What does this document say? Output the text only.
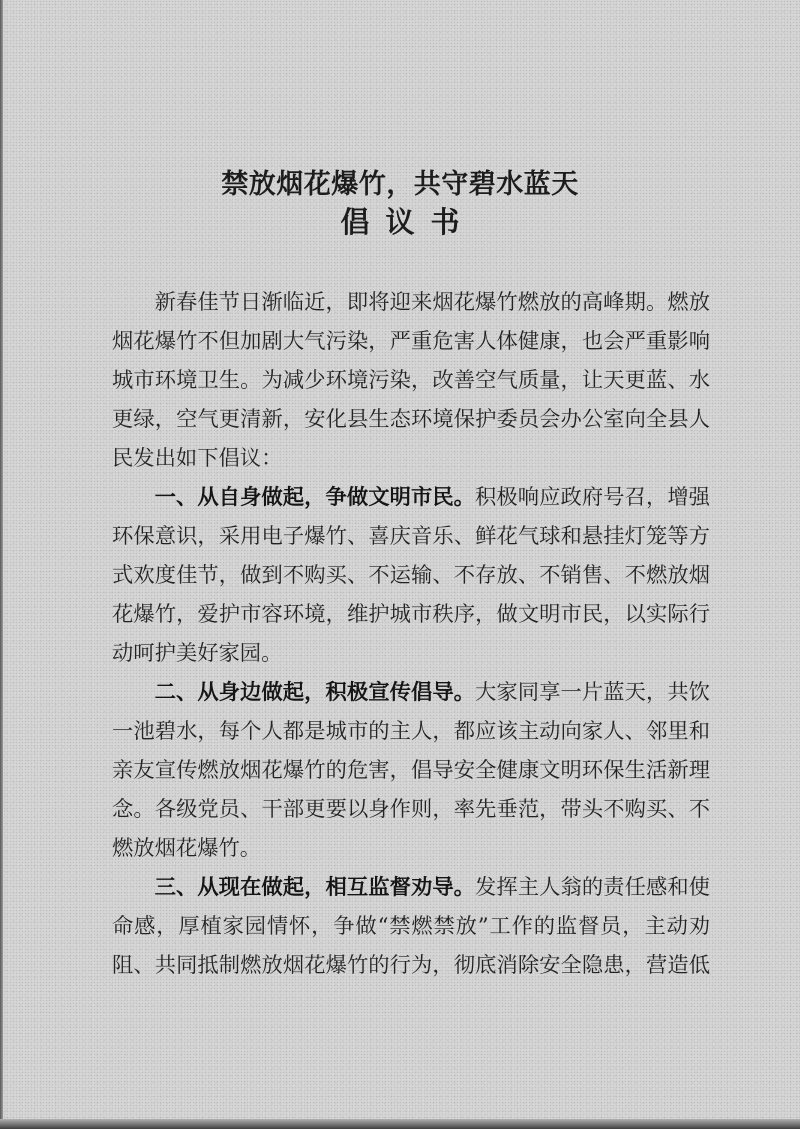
禁放烟花爆竹，共守碧水蓝天
倡议书
新春佳节日渐临近，即将迎来烟花爆竹燃放的高峰期。燃放
烟花爆竹不但加剧大气污染，严重危害人体健康，也会严重影响
城市环境卫生。为减少环境污染，改善空气质量，让天更蓝、水
更绿，空气更清新，安化县生态环境保护委员会办公室向全县人
民发出如下倡议：
一、从自身做起，争做文明市民。积极响应政府号召，增强
环保意识，采用电子爆竹、喜庆音乐、鲜花气球和悬挂灯笼等方
式欢度佳节，做到不购买、不运输、不存放、不销售、不燃放烟
花爆竹，爱护市容环境，维护城市秩序，做文明市民，以实际行
动呵护美好家园。
二、从身边做起，积极宣传倡导。大家同享一片蓝天，共饮
一池碧水，每个人都是城市的主人，都应该主动向家人、邻里和
亲友宣传燃放烟花爆竹的危害，倡导安全健康文明环保生活新理
念。各级党员、干部更要以身作则，率先垂范，带头不购买、不
燃放烟花爆竹。
三、从现在做起，相互监督劝导。发挥主人翁的责任感和使
命感，厚植家园情怀，争做“禁燃禁放”工作的监督员，主动劝
阻、共同抵制燃放烟花爆竹的行为，彻底消除安全隐患，营造低
